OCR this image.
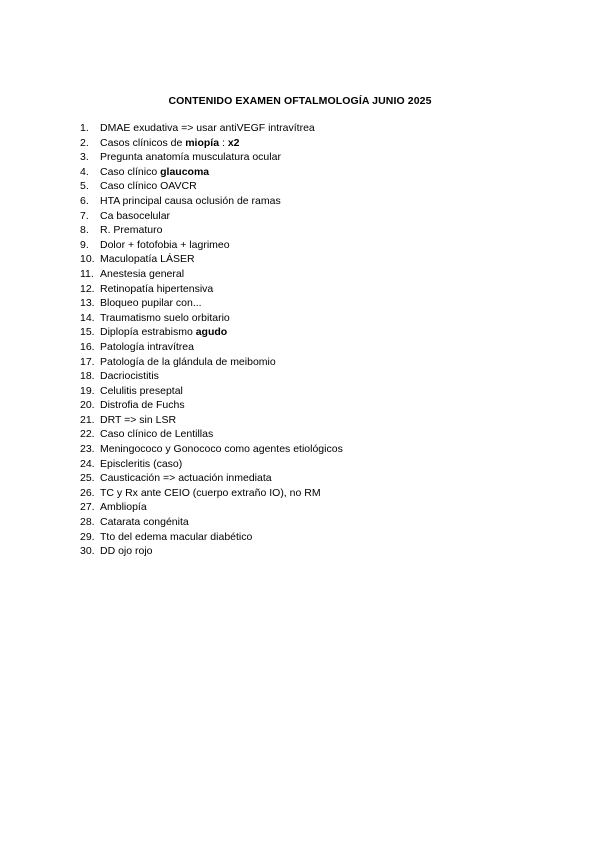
CONTENIDO EXAMEN OFTALMOLOGÍA JUNIO 2025
1.	DMAE exudativa => usar antiVEGF intravítrea
2.	Casos clínicos de miopía : x2
3.	Pregunta anatomía musculatura ocular
4.	Caso clínico glaucoma
5.	Caso clínico OAVCR
6.	HTA principal causa oclusión de ramas
7.	Ca basocelular
8.	R. Prematuro
9.	Dolor + fotofobia + lagrimeo
10. Maculopatía LÁSER
11. Anestesia general
12. Retinopatía hipertensiva
13. Bloqueo pupilar con...
14. Traumatismo suelo orbitario
15. Diplopía estrabismo agudo
16. Patología intravítrea
17. Patología de la glándula de meibomio
18. Dacriocistitis
19. Celulitis preseptal
20. Distrofia de Fuchs
21. DRT => sin LSR
22. Caso clínico de Lentillas
23. Meningococo y Gonococo como agentes etiológicos
24. Episcleritis (caso)
25. Causticación => actuación inmediata
26. TC y Rx ante CEIO (cuerpo extraño IO), no RM
27. Ambliopía
28. Catarata congénita
29. Tto del edema macular diabético
30. DD ojo rojo
